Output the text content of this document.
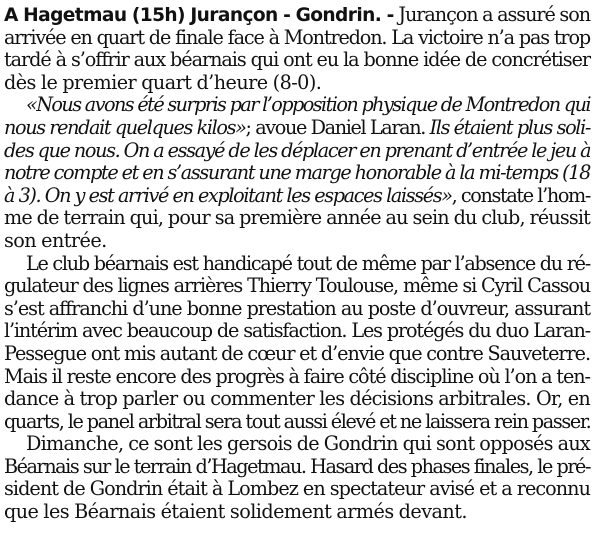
A Hagetmau (15h) Jurançon - Gondrin. - Jurançon a assuré son
arrivée en quart de finale face à Montredon. La victoire n’a pas trop
tardé à s’offrir aux béarnais qui ont eu la bonne idée de concrétiser
dès le premier quart d’heure (8-0).
«Nous avons été surpris par l’opposition physique de Montredon qui
nous rendait quelques kilos»; avoue Daniel Laran. Ils étaient plus soli-
des que nous. On a essayé de les déplacer en prenant d’entrée le jeu à
notre compte et en s’assurant une marge honorable à la mi-temps (18
à 3). On y est arrivé en exploitant les espaces laissés», constate l’hom-
me de terrain qui, pour sa première année au sein du club, réussit
son entrée.
Le club béarnais est handicapé tout de même par l’absence du ré-
gulateur des lignes arrières Thierry Toulouse, même si Cyril Cassou
s’est affranchi d’une bonne prestation au poste d’ouvreur, assurant
l’intérim avec beaucoup de satisfaction. Les protégés du duo Laran-
Pessegue ont mis autant de cœur et d’envie que contre Sauveterre.
Mais il reste encore des progrès à faire côté discipline où l’on a ten-
dance à trop parler ou commenter les décisions arbitrales. Or, en
quarts, le panel arbitral sera tout aussi élevé et ne laissera rein passer.
Dimanche, ce sont les gersois de Gondrin qui sont opposés aux
Béarnais sur le terrain d’Hagetmau. Hasard des phases finales, le pré-
sident de Gondrin était à Lombez en spectateur avisé et a reconnu
que les Béarnais étaient solidement armés devant.
